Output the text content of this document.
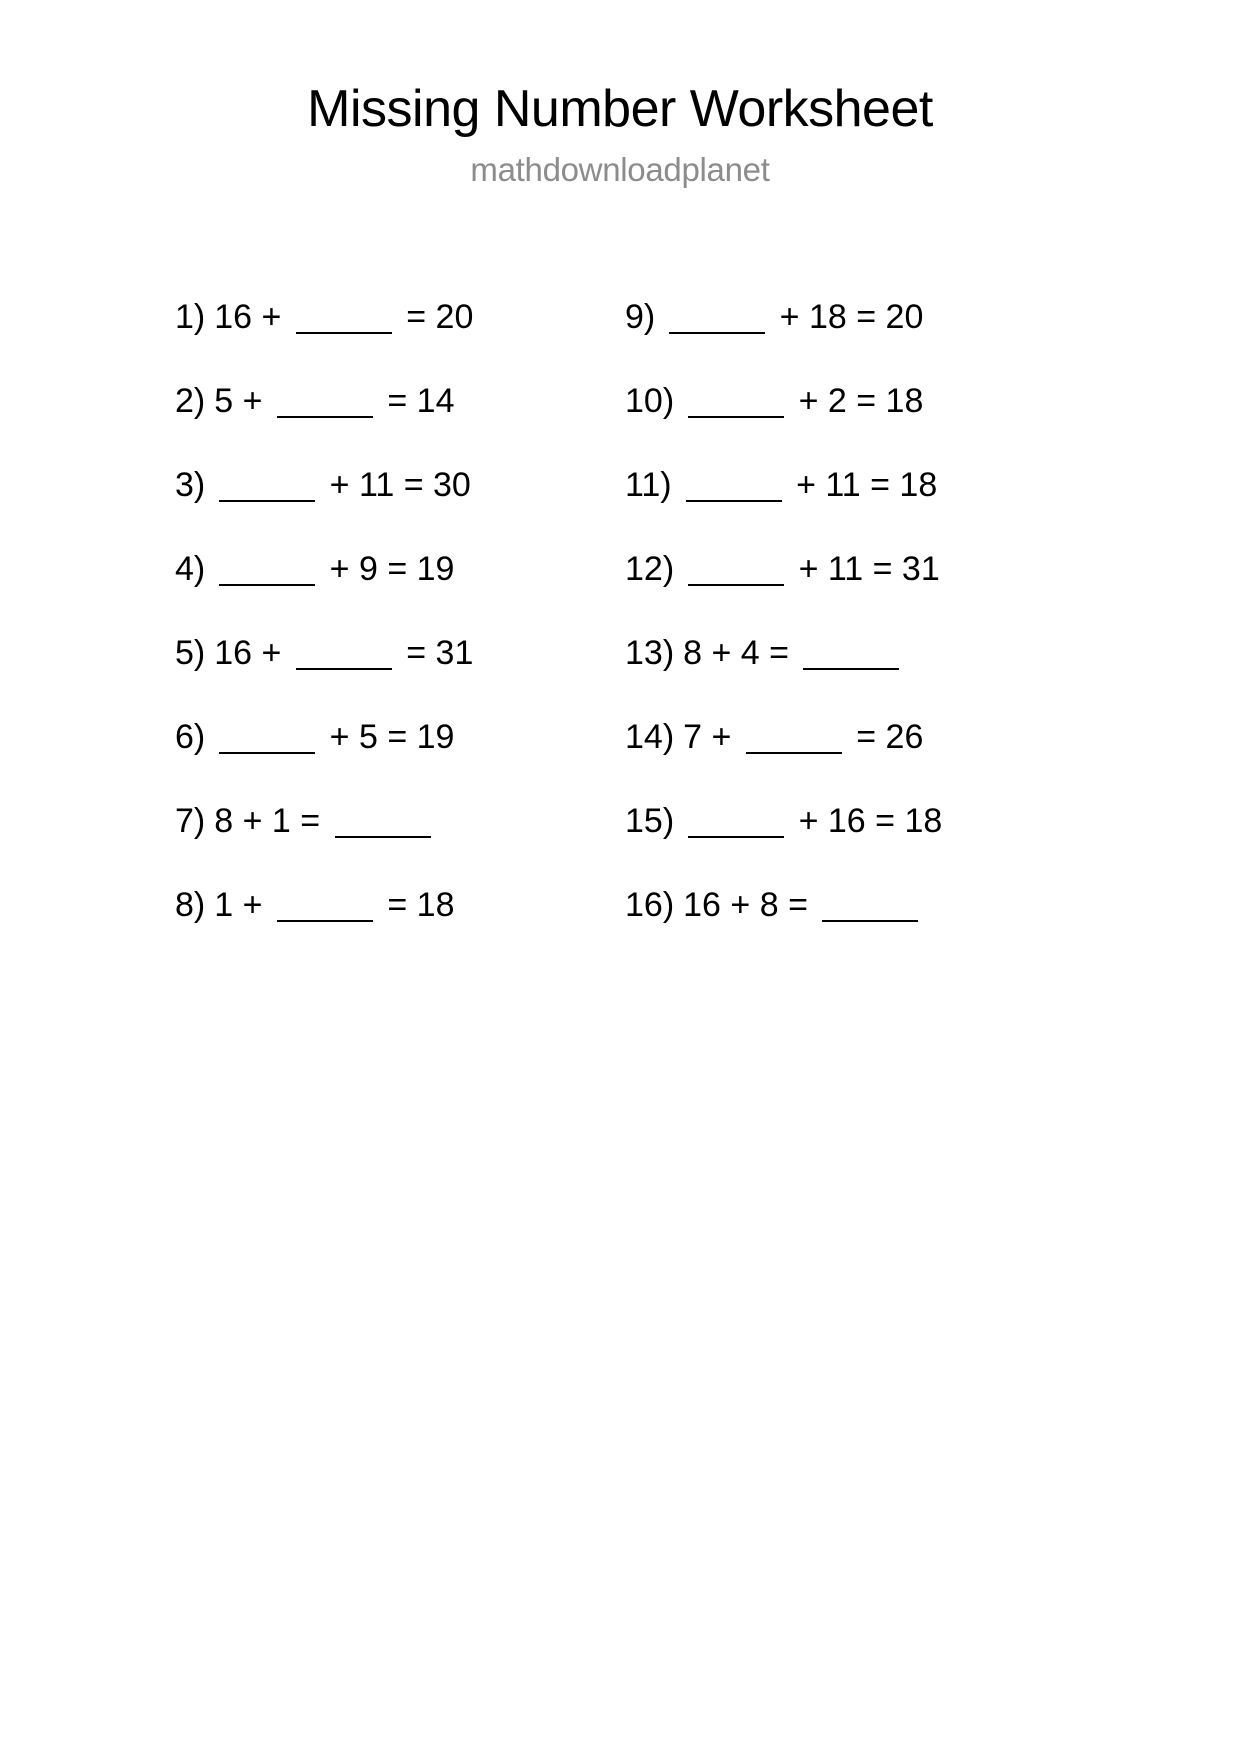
Missing Number Worksheet
mathdownloadplanet
1) 16 +	= 20
2) 5 +	= 14
3)	+ 11 = 30
4)	+ 9 = 19
5) 16 +	= 31
6)	+ 5 = 19
7) 8 + 1 =
8) 1 +	= 18
9)	+ 18 = 20
10)	+ 2 = 18
11)	+ 11 = 18
12)	+ 11 = 31
13) 8 + 4 =
14) 7 +	= 26
15)	+ 16 = 18
16) 16 + 8 =
